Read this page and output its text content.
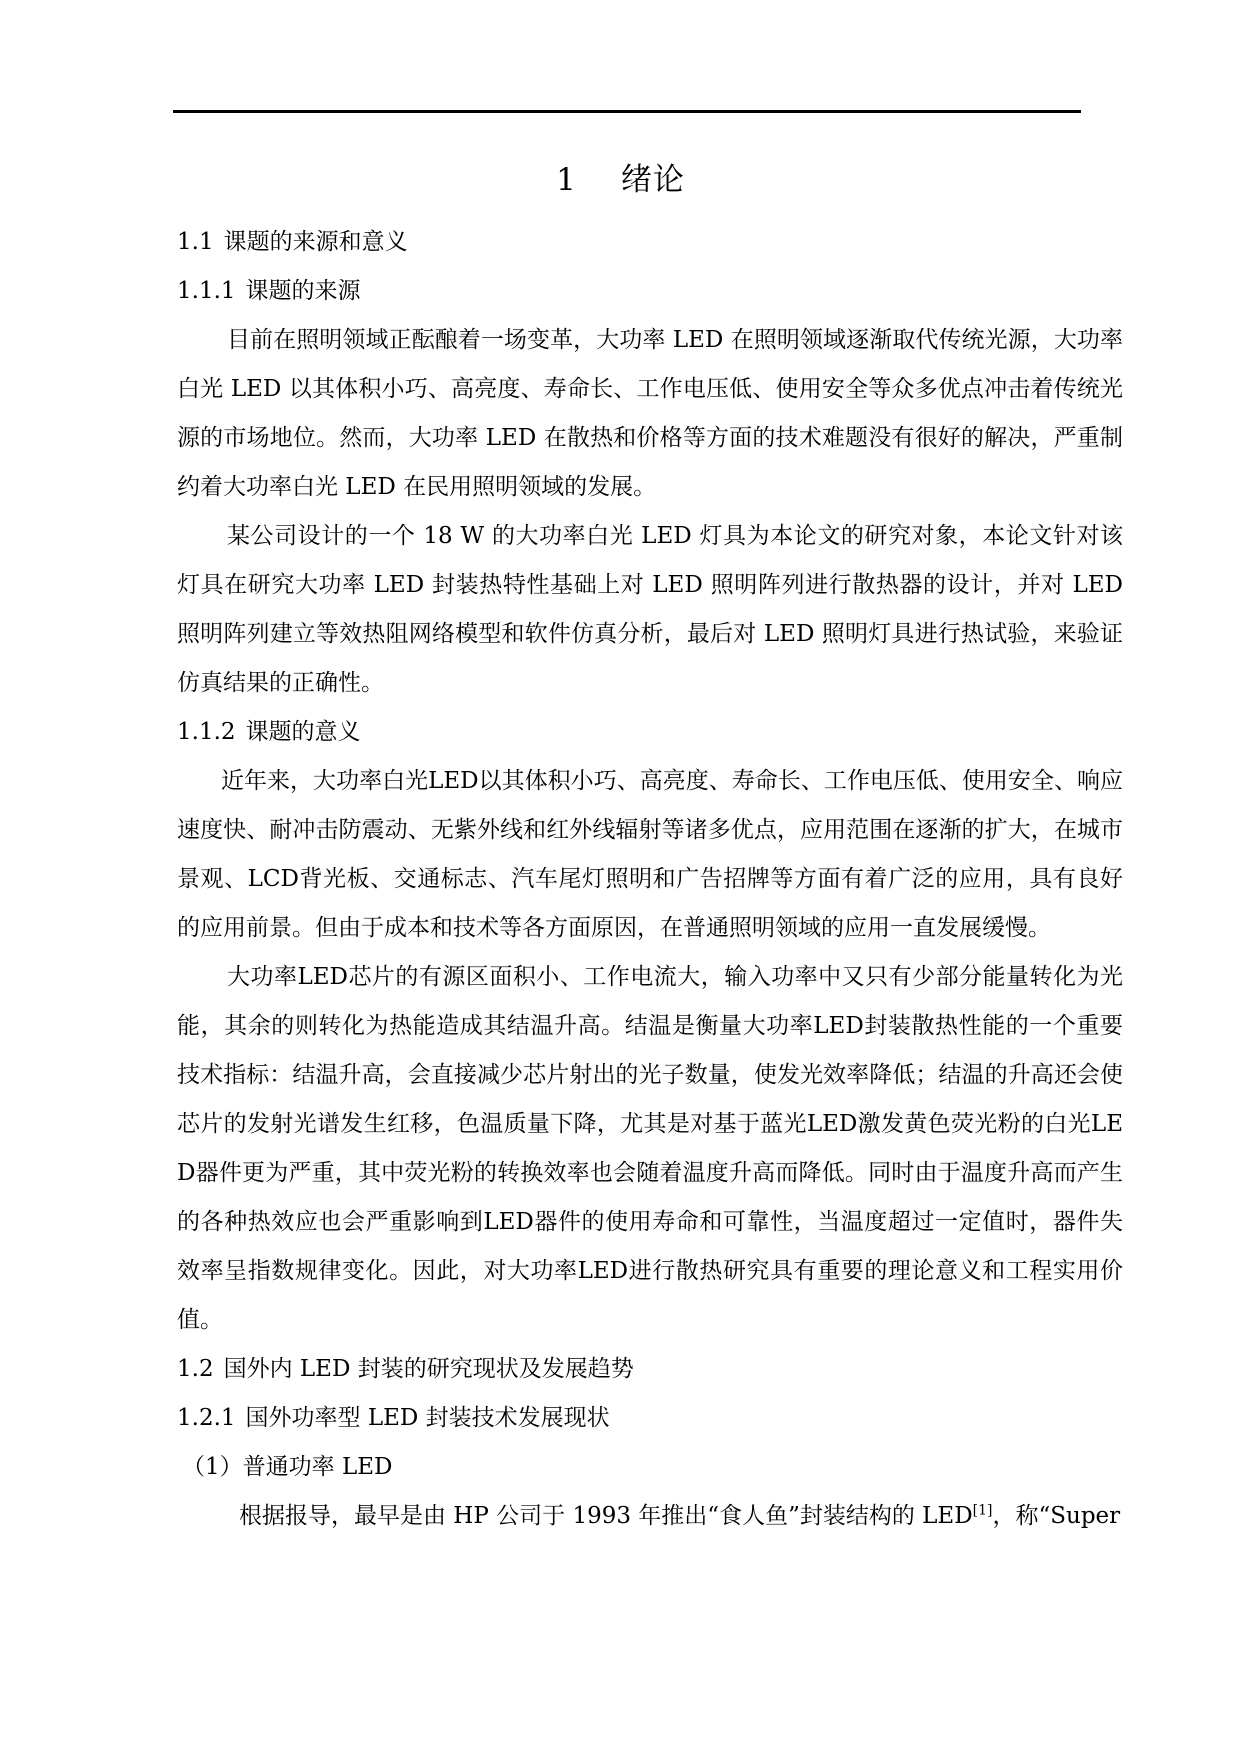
1 绪论
1.1 课题的来源和意义
1.1.1 课题的来源

目前在照明领域正酝酿着一场变革，大功率 LED 在照明领域逐渐取代传统光源，大功率白光 LED 以其体积小巧、高亮度、寿命长、工作电压低、使用安全等众多优点冲击着传统光源的市场地位。然而，大功率 LED 在散热和价格等方面的技术难题没有很好的解决，严重制约着大功率白光 LED 在民用照明领域的发展。

某公司设计的一个 18 W 的大功率白光 LED 灯具为本论文的研究对象，本论文针对该灯具在研究大功率 LED 封装热特性基础上对 LED 照明阵列进行散热器的设计，并对 LED 照明阵列建立等效热阻网络模型和软件仿真分析，最后对 LED 照明灯具进行热试验，来验证仿真结果的正确性。

1.1.2 课题的意义

近年来，大功率白光LED以其体积小巧、高亮度、寿命长、工作电压低、使用安全、响应速度快、耐冲击防震动、无紫外线和红外线辐射等诸多优点，应用范围在逐渐的扩大，在城市景观、LCD背光板、交通标志、汽车尾灯照明和广告招牌等方面有着广泛的应用，具有良好的应用前景。但由于成本和技术等各方面原因，在普通照明领域的应用一直发展缓慢。

大功率LED芯片的有源区面积小、工作电流大，输入功率中又只有少部分能量转化为光能，其余的则转化为热能造成其结温升高。结温是衡量大功率LED封装散热性能的一个重要技术指标：结温升高，会直接减少芯片射出的光子数量，使发光效率降低；结温的升高还会使芯片的发射光谱发生红移，色温质量下降，尤其是对基于蓝光LED激发黄色荧光粉的白光LED器件更为严重，其中荧光粉的转换效率也会随着温度升高而降低。同时由于温度升高而产生的各种热效应也会严重影响到LED器件的使用寿命和可靠性，当温度超过一定值时，器件失效率呈指数规律变化。因此，对大功率LED进行散热研究具有重要的理论意义和工程实用价值。

1.2 国外内 LED 封装的研究现状及发展趋势
1.2.1 国外功率型 LED 封装技术发展现状
（1）普通功率 LED
根据报导，最早是由 HP 公司于 1993 年推出“食人鱼”封装结构的 LED[1]，称“Super
